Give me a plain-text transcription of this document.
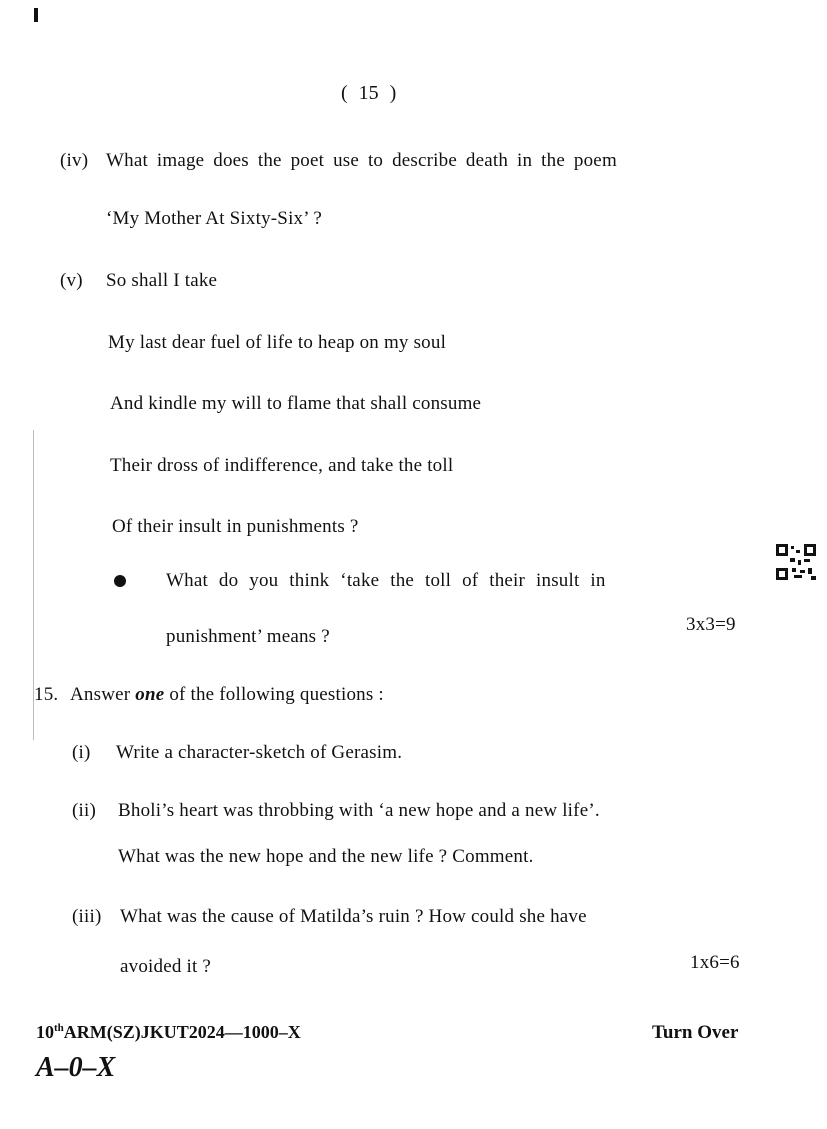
( 15 )
(iv) What image does the poet use to describe death in the poem
‘My Mother At Sixty-Six’ ?
(v) So shall I take
My last dear fuel of life to heap on my soul
And kindle my will to flame that shall consume
Their dross of indifference, and take the toll
Of their insult in punishments ?
What do you think ‘take the toll of their insult in
punishment’ means ?
3x3=9
15. Answer one of the following questions :
(i) Write a character-sketch of Gerasim.
(ii) Bholi’s heart was throbbing with ‘a new hope and a new life’.
What was the new hope and the new life ? Comment.
(iii) What was the cause of Matilda’s ruin ? How could she have
avoided it ?	1x6=6
10thARM(SZ)JKUT2024—1000–X	Turn Over
A–0–X
